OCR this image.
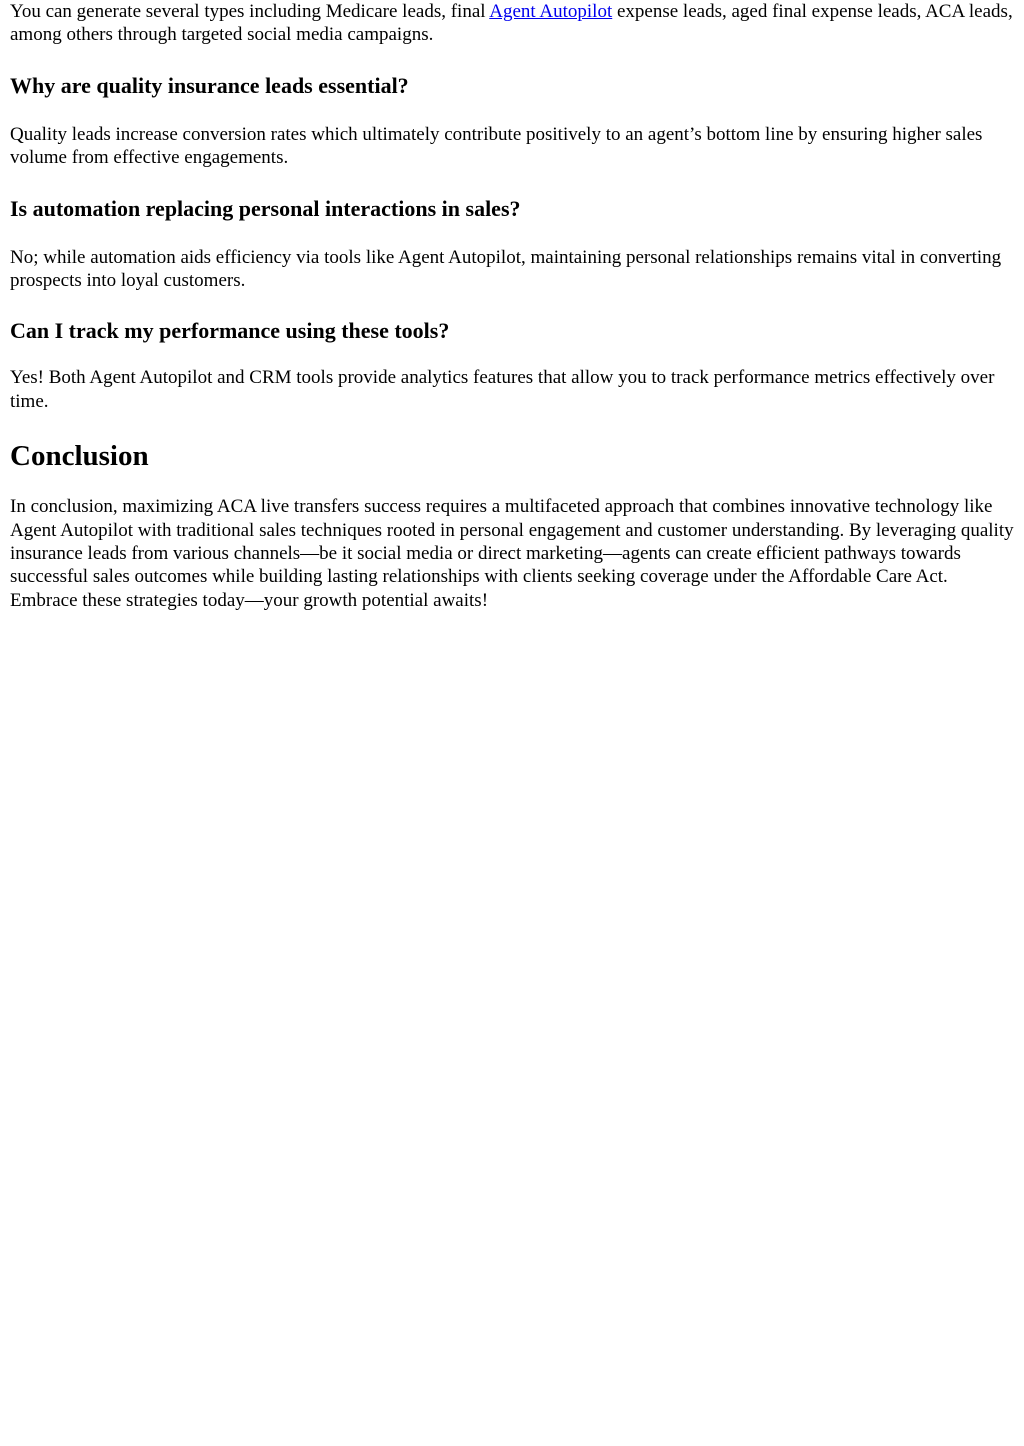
You can generate several types including Medicare leads, final Agent Autopilot expense leads, aged final expense leads, ACA leads, among others through targeted social media campaigns.

Why are quality insurance leads essential?

Quality leads increase conversion rates which ultimately contribute positively to an agent’s bottom line by ensuring higher sales volume from effective engagements.

Is automation replacing personal interactions in sales?

No; while automation aids efficiency via tools like Agent Autopilot, maintaining personal relationships remains vital in converting prospects into loyal customers.

Can I track my performance using these tools?

Yes! Both Agent Autopilot and CRM tools provide analytics features that allow you to track performance metrics effectively over time.

Conclusion

In conclusion, maximizing ACA live transfers success requires a multifaceted approach that combines innovative technology like Agent Autopilot with traditional sales techniques rooted in personal engagement and customer understanding. By leveraging quality insurance leads from various channels—be it social media or direct marketing—agents can create efficient pathways towards successful sales outcomes while building lasting relationships with clients seeking coverage under the Affordable Care Act. Embrace these strategies today—your growth potential awaits!
